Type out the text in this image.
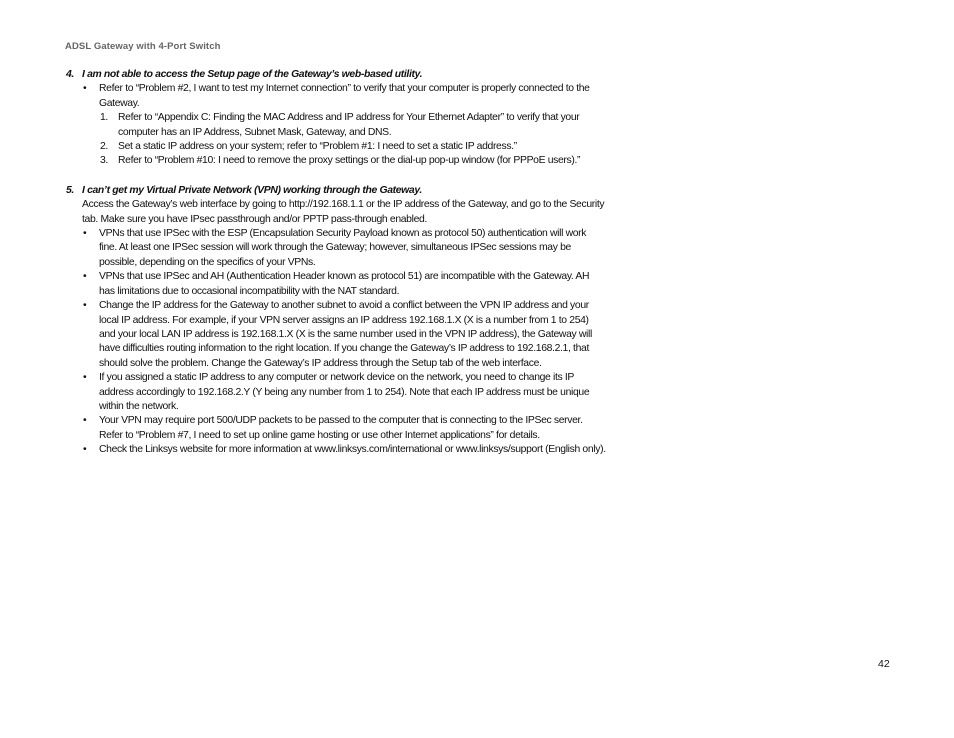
ADSL Gateway with 4-Port Switch

4. I am not able to access the Setup page of the Gateway’s web-based utility.

• Refer to “Problem #2, I want to test my Internet connection” to verify that your computer is properly connected to the Gateway.
1. Refer to “Appendix C: Finding the MAC Address and IP address for Your Ethernet Adapter” to verify that your computer has an IP Address, Subnet Mask, Gateway, and DNS.
2. Set a static IP address on your system; refer to “Problem #1: I need to set a static IP address.”
3. Refer to “Problem #10: I need to remove the proxy settings or the dial-up pop-up window (for PPPoE users).”

5. I can’t get my Virtual Private Network (VPN) working through the Gateway.

Access the Gateway’s web interface by going to http://192.168.1.1 or the IP address of the Gateway, and go to the Security tab. Make sure you have IPsec passthrough and/or PPTP pass-through enabled.
• VPNs that use IPSec with the ESP (Encapsulation Security Payload known as protocol 50) authentication will work fine. At least one IPSec session will work through the Gateway; however, simultaneous IPSec sessions may be possible, depending on the specifics of your VPNs.
• VPNs that use IPSec and AH (Authentication Header known as protocol 51) are incompatible with the Gateway. AH has limitations due to occasional incompatibility with the NAT standard.
• Change the IP address for the Gateway to another subnet to avoid a conflict between the VPN IP address and your local IP address. For example, if your VPN server assigns an IP address 192.168.1.X (X is a number from 1 to 254) and your local LAN IP address is 192.168.1.X (X is the same number used in the VPN IP address), the Gateway will have difficulties routing information to the right location. If you change the Gateway’s IP address to 192.168.2.1, that should solve the problem. Change the Gateway’s IP address through the Setup tab of the web interface.
• If you assigned a static IP address to any computer or network device on the network, you need to change its IP address accordingly to 192.168.2.Y (Y being any number from 1 to 254). Note that each IP address must be unique within the network.
• Your VPN may require port 500/UDP packets to be passed to the computer that is connecting to the IPSec server. Refer to “Problem #7, I need to set up online game hosting or use other Internet applications” for details.
• Check the Linksys website for more information at www.linksys.com/international or www.linksys/support (English only).
42
